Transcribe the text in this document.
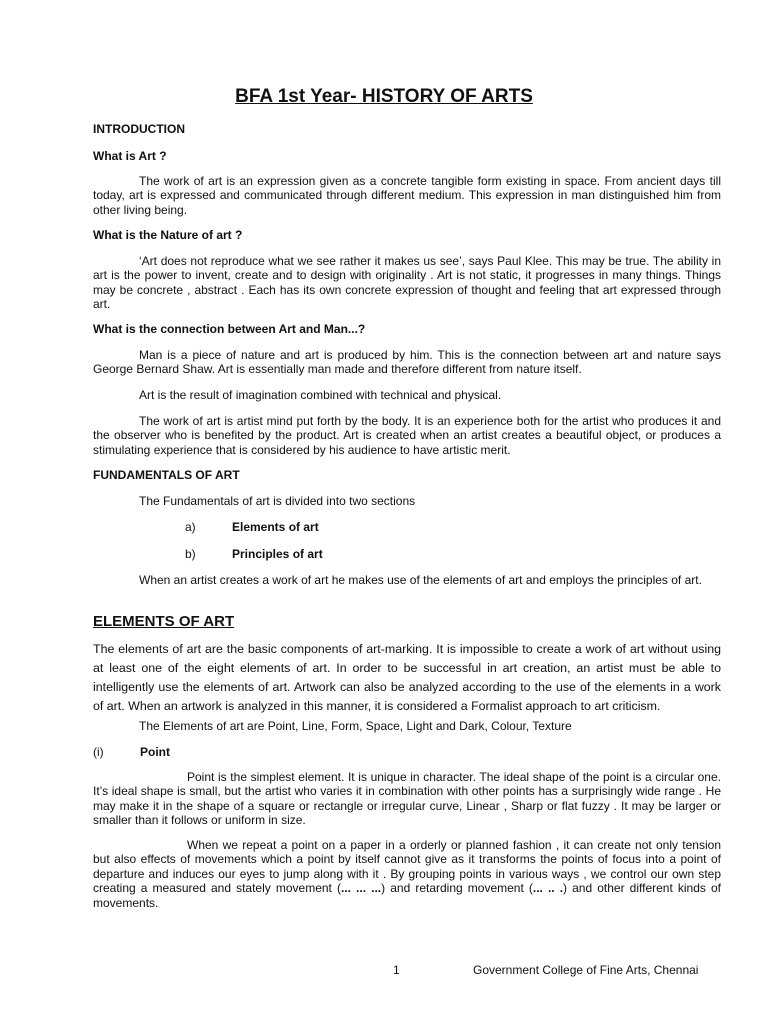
BFA 1st Year- HISTORY OF ARTS
INTRODUCTION
What is Art ?

The work of art is an expression given as a concrete tangible form existing in space. From ancient days till today, art is expressed and communicated through different medium. This expression in man distinguished him from other living being.

What is the Nature of art ?

‘Art does not reproduce what we see rather it makes us see’, says Paul Klee. This may be true. The ability in art is the power to invent, create and to design with originality . Art is not static, it progresses in many things. Things may be concrete , abstract . Each has its own concrete expression of thought and feeling that art expressed through art.

What is the connection between Art and Man...?

Man is a piece of nature and art is produced by him. This is the connection between art and nature says George Bernard Shaw. Art is essentially man made and therefore different from nature itself.

Art is the result of imagination combined with technical and physical.

The work of art is artist mind put forth by the body. It is an experience both for the artist who produces it and the observer who is benefited by the product. Art is created when an artist creates a beautiful object, or produces a stimulating experience that is considered by his audience to have artistic merit.

FUNDAMENTALS OF ART

The Fundamentals of art is divided into two sections

a)	Elements of art
b)	Principles of art

When an artist creates a work of art he makes use of the elements of art and employs the principles of art.

ELEMENTS OF ART

The elements of art are the basic components of art-marking. It is impossible to create a work of art without using at least one of the eight elements of art. In order to be successful in art creation, an artist must be able to intelligently use the elements of art. Artwork can also be analyzed according to the use of the elements in a work of art. When an artwork is analyzed in this manner, it is considered a Formalist approach to art criticism.

The Elements of art are Point, Line, Form, Space, Light and Dark, Colour, Texture

(i)	Point

Point is the simplest element. It is unique in character. The ideal shape of the point is a circular one. It’s ideal shape is small, but the artist who varies it in combination with other points has a surprisingly wide range . He may make it in the shape of a square or rectangle or irregular curve, Linear , Sharp or flat fuzzy . It may be larger or smaller than it follows or uniform in size.

When we repeat a point on a paper in a orderly or planned fashion , it can create not only tension but also effects of movements which a point by itself cannot give as it transforms the points of focus into a point of departure and induces our eyes to jump along with it . By grouping points in various ways , we control our own step creating a measured and stately movement (... ... ...) and retarding movement (... .. .) and other different kinds of movements.

1	Government College of Fine Arts, Chennai
